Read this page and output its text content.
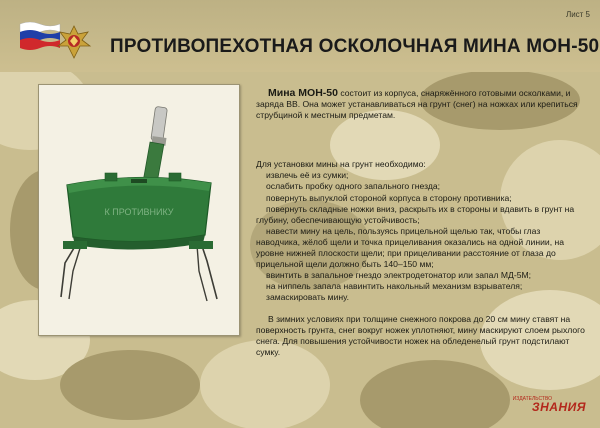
Лист 5
ПРОТИВОПЕХОТНАЯ ОСКОЛОЧНАЯ МИНА МОН-50
К ПРОТИВНИКУ

Мина МОН-50 состоит из корпуса, снаряжённого готовыми осколками, и заряда ВВ. Она может устанавливаться на грунт (снег) на ножках или крепиться струбциной к местным предметам.

Для установки мины на грунт необходимо:

извлечь её из сумки;

ослабить пробку одного запального гнезда;

повернуть выпуклой стороной корпуса в сторону противника;

повернуть складные ножки вниз, раскрыть их в стороны и вдавить в грунт на глубину, обеспечивающую устойчивость;

навести мину на цель, пользуясь прицельной щелью так, чтобы глаз наводчика, жёлоб щели и точка прицеливания оказались на одной линии, на уровне нижней плоскости щели; при прицеливании расстояние от глаза до прицельной щели должно быть 140–150 мм;

ввинтить в запальное гнездо электродетонатор или запал МД-5М;

на ниппель запала навинтить накольный механизм взрывателя;

замаскировать мину.

В зимних условиях при толщине снежного покрова до 20 см мину ставят на поверхность грунта, снег вокруг ножек уплотняют, мину маскируют слоем рыхлого снега. Для повышения устойчивости ножек на обледенелый грунт подстилают сумку.

ИЗДАТЕЛЬСТВО
ЗНАНИЯ
